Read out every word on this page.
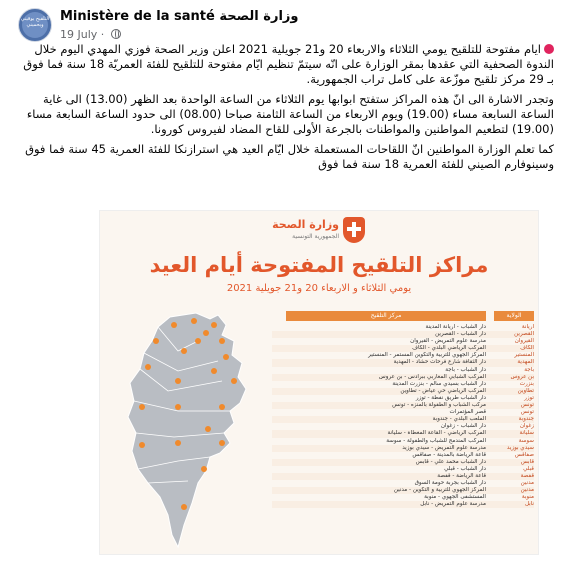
التلقيح يوقيني ويحميني
Ministère de la santé وزارة الصحة
19 July ·

ايام مفتوحة للتلقيح يومي الثلاثاء والاربعاء 20 و21 جويلية 2021 اعلن وزير الصحة فوزي المهدي اليوم خلال الندوة الصحفية التي عقدها بمقر الوزارة على انّه سيتمّ تنظيم ايّام مفتوحة للتلقيح للفئة العمريّة 18 سنة فما فوق بـ 29 مركز تلقيح موزّعة على كامل تراب الجمهورية.

وتجدر الاشارة الى انّ هذه المراكز ستفتح ابوابها يوم الثلاثاء من الساعة الواحدة بعد الظهر (13.00) الى غاية الساعة السابعة مساء (19.00) ويوم الاربعاء من الساعة الثامنة صباحا (08.00) الى حدود الساعة السابعة مساء (19.00) لتطعيم المواطنين والمواطنات بالجرعة الأولى للقاح المضاد لفيروس كورونا.

كما تعلم الوزارة المواطنين انّ اللقاحات المستعملة خلال ايّام العيد هي استرازنكا للفئة العمرية 45 سنة فما فوق وسينوفارم الصيني للفئة العمرية 18 سنة فما فوق

وزارة الصحة
الجمهورية التونسية
مراكز التلقيح المفتوحة أيام العيد
يومي الثلاثاء و الاربعاء 20 و21 جويلية 2021
الولاية
مركز التلقيح
أريانة
دار الشباب - أريانة المدينة
القصرين
دار الشباب - القصرين
القيروان
مدرسة علوم التمريض - القيروان
الكاف
المركب الرياضي البلدي - الكاف
المنستير
المركز الجهوي للتربية والتكوين المستمر - المنستير
المهدية
دار الثقافة شارع فرحات حشاد - المهدية
باجة
دار الشباب - باجة
بن عروس
المركب الشبابي المغاربي ببرادس - بن عروس
بنزرت
دار الشباب بسيدي سالم - بنزرت المدينة
تطاوين
المركب الرياضي حي عياض - تطاوين
توزر
دار الشباب طريق نفطة - توزر
تونس
مركب الشباب و الطفولة بالمنزه - تونس
تونس
قصر المؤتمرات
جندوبة
الملعب البلدي - جندوبة
زغوان
دار الشباب - زغوان
سليانة
المركب الرياضي - القاعة المغطاة - سليانة
سوسة
المركب المندمج للشباب والطفولة - سوسة
سيدي بوزيد
مدرسة علوم التمريض - سيدي بوزيد
صفاقس
قاعة الرياضة بالمدينة - صفاقس
قابس
دار الشباب محمد علي - قابس
قبلي
دار الشباب - قبلي
قفصة
قاعة الرياضة - قفصة
مدنين
دار الشباب بجربة حومة السوق
مدنين
المركز الجهوي للتربية و التكوين - مدنين
منوبة
المستشفى الجهوي - منوبة
نابل
مدرسة علوم التمريض - نابل
